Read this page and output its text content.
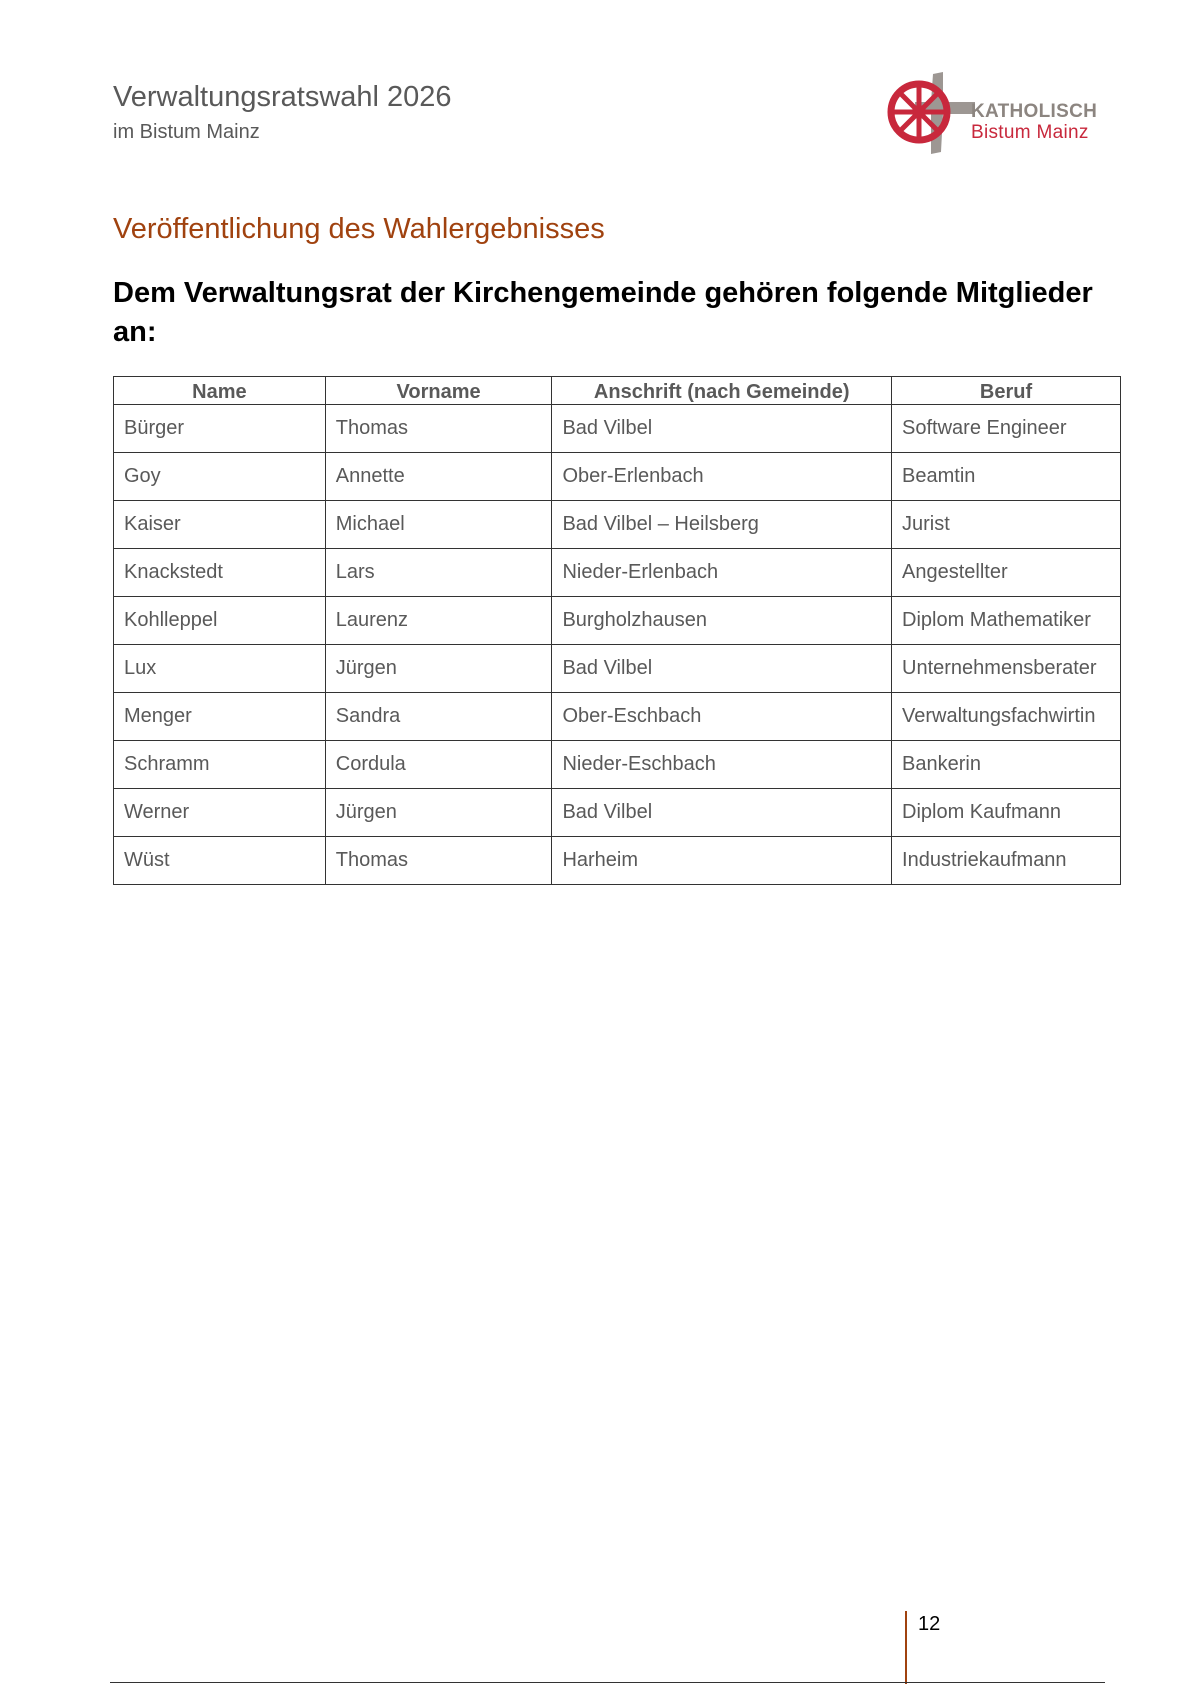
Verwaltungsratswahl 2026
im Bistum Mainz
KATHOLISCH
Bistum Mainz
Veröffentlichung des Wahlergebnisses
Dem Verwaltungsrat der Kirchengemeinde gehören folgende Mitglieder an:
Name	Vorname	Anschrift (nach Gemeinde)	Beruf
Bürger	Thomas	Bad Vilbel	Software Engineer
Goy	Annette	Ober-Erlenbach	Beamtin
Kaiser	Michael	Bad Vilbel – Heilsberg	Jurist
Knackstedt	Lars	Nieder-Erlenbach	Angestellter
Kohlleppel	Laurenz	Burgholzhausen	Diplom Mathematiker
Lux	Jürgen	Bad Vilbel	Unternehmensberater
Menger	Sandra	Ober-Eschbach	Verwaltungsfachwirtin
Schramm	Cordula	Nieder-Eschbach	Bankerin
Werner	Jürgen	Bad Vilbel	Diplom Kaufmann
Wüst	Thomas	Harheim	Industriekaufmann
12
